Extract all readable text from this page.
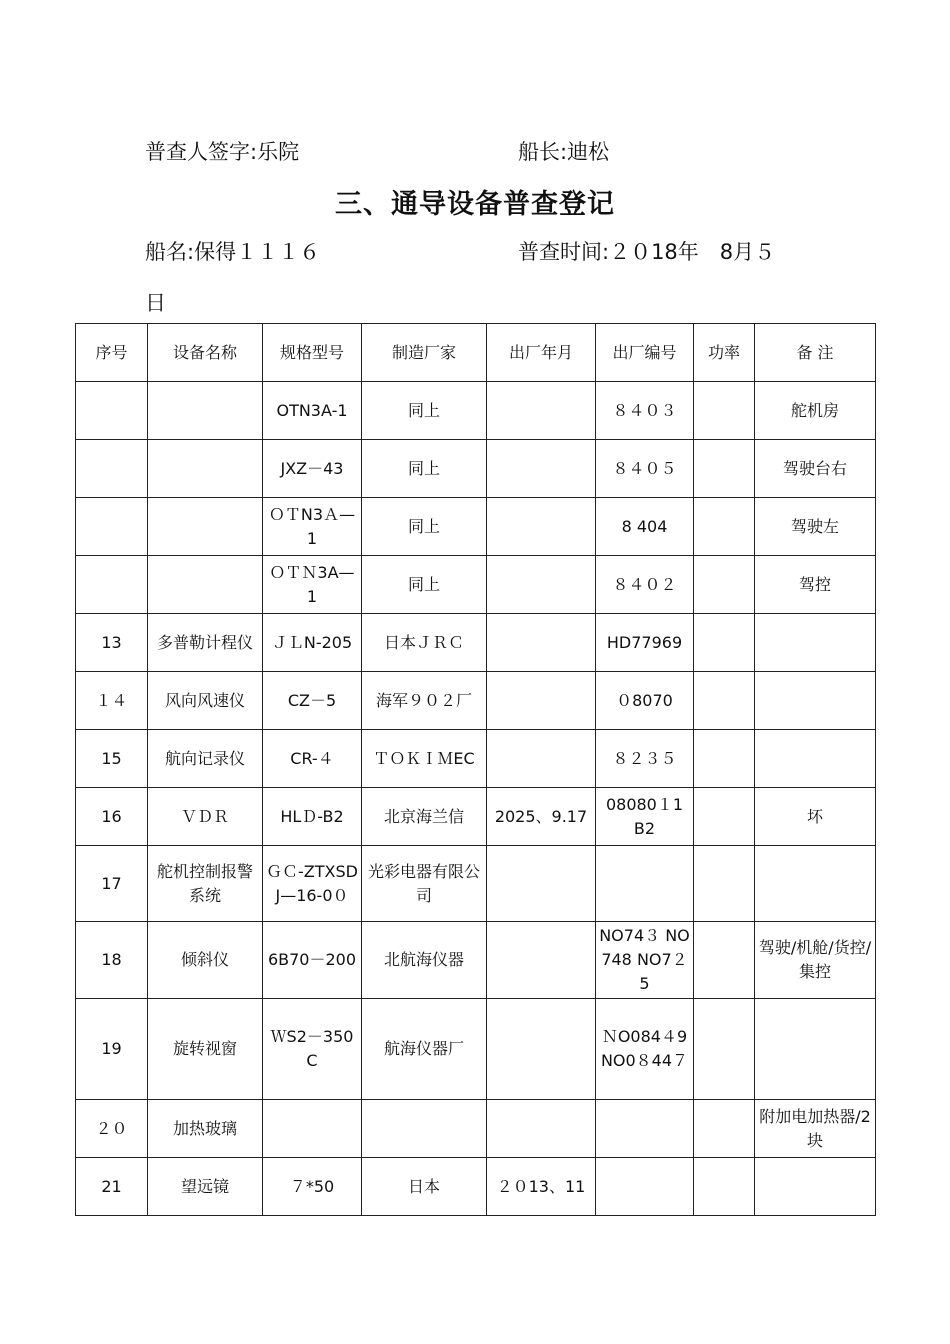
普查人签字:乐院	船长:迪松
三、通导设备普查登记
船名:保得１１１６	普查时间:２０18年　8月５
日
序号	设备名称	规格型号	制造厂家	出厂年月	出厂编号	功率	备 注
		OTN3A-1	同上		８４０３		舵机房
		JXZ－43	同上		８４０５		驾驶台右
		ＯＴN3Ａ—1	同上		8 404		驾驶左
		ＯＴＮ3A—1	同上		８４０２		驾控
13	多普勒计程仪	ＪＬN-205	日本ＪＲＣ		HD77969		
１４	风向风速仪	CZ－5	海军９０２厂		０8070		
15	航向记录仪	CR-４	ＴＯＫＩＭEC		８２３５		
16	ＶＤＲ	HLＤ-B2	北京海兰信	2025、9.17	08080１1 B2		坏
17	舵机控制报警系统	ＧＣ-ZTXSDJ—16-0０	光彩电器有限公司				
18	倾斜仪	6B70－200	北航海仪器		NO74３ NO748 NO7２5		驾驶/机舱/货控/集控
19	旋转视窗	ＷS2－350C	航海仪器厂		ＮO084４9 NO0８44７		
２０	加热玻璃						附加电加热器/2块
21	望远镜	７*50	日本	２０13、11			
